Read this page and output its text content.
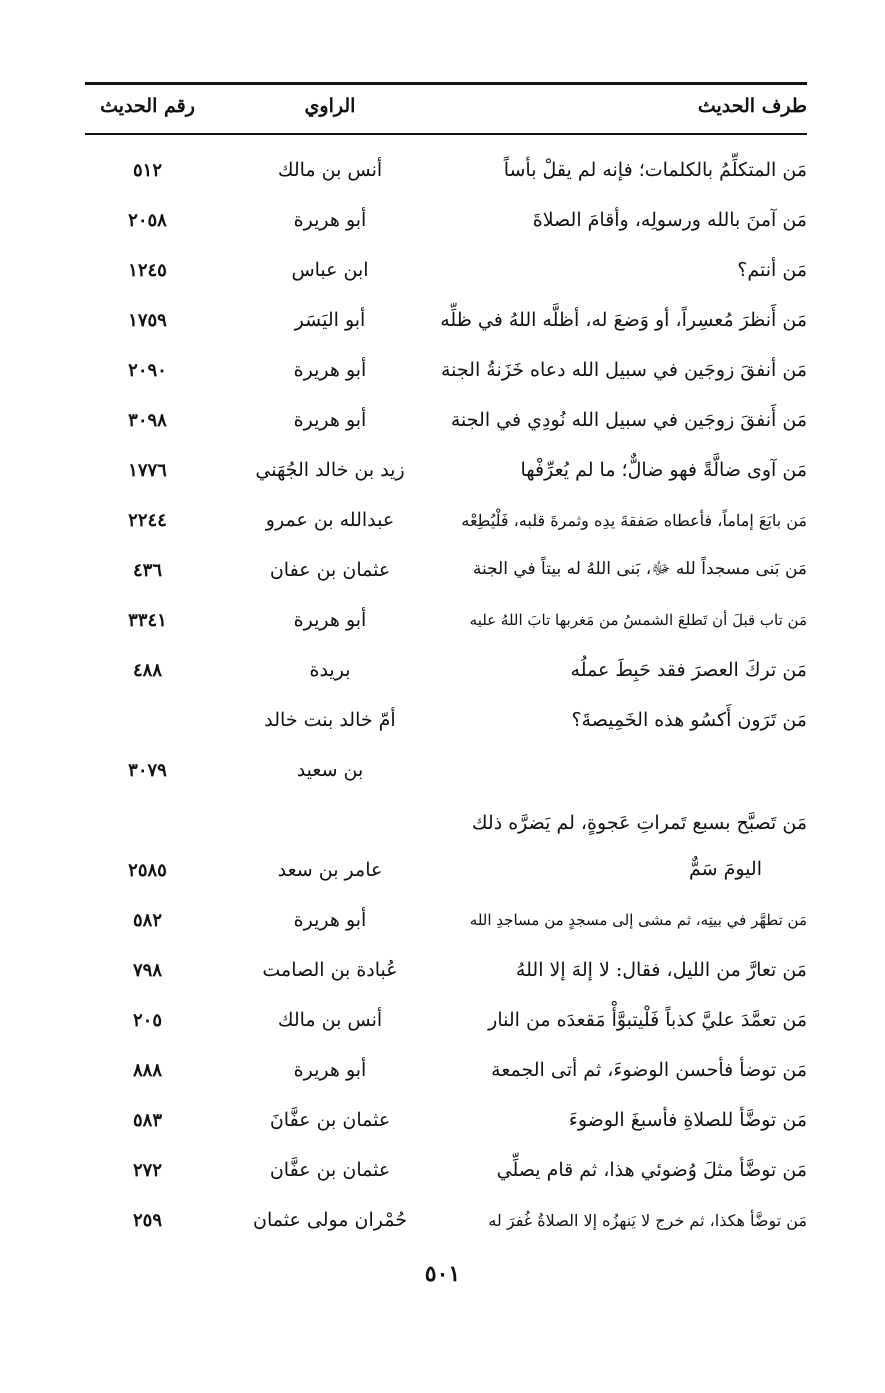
طرف الحديث
الراوي
رقم الحديث
مَن المتكلِّمُ بالكلمات؛ فإنه لم يقلْ بأساً
أنس بن مالك
٥١٢
مَن آمنَ بالله ورسولِه، وأقامَ الصلاةَ
أبو هريرة
٢٠٥٨
مَن أنتم؟
ابن عباس
١٢٤٥
مَن أَنظرَ مُعسِراً، أو وَضعَ له، أظلَّه اللهُ في ظلِّه
أبو اليَسَر
١٧٥٩
مَن أنفقَ زوجَين في سبيل الله دعاه خَزَنةُ الجنة
أبو هريرة
٢٠٩٠
مَن أَنفقَ زوجَين في سبيل الله نُودِي في الجنة
أبو هريرة
٣٠٩٨
مَن آوى ضالَّةً فهو ضالٌّ؛ ما لم يُعرِّفْها
زيد بن خالد الجُهَني
١٧٧٦
مَن بايَعَ إماماً، فأعطاه صَفقةَ يدِه وثمرةَ قلبه، فَلْيُطِعْه
عبدالله بن عمرو
٢٢٤٤
مَن بَنى مسجداً لله ﷻ، بَنى اللهُ له بيتاً في الجنة
عثمان بن عفان
٤٣٦
مَن تاب قبلَ أن تَطلعَ الشمسُ من مَغربها تابَ اللهُ عليه
أبو هريرة
٣٣٤١
مَن تركَ العصرَ فقد حَبِطَ عملُه
بريدة
٤٨٨
مَن تَرَون أَكسُو هذه الخَمِيصةَ؟
أمّ خالد بنت خالد
بن سعيد
٣٠٧٩
مَن تَصبَّح بسبع تَمراتِ عَجوةٍ، لم يَضرَّه ذلك
اليومَ سَمٌّ
عامر بن سعد
٢٥٨٥
مَن تطهَّر في بيتِه، ثم مشى إلى مسجدٍ من مساجدِ الله
أبو هريرة
٥٨٢
مَن تعارَّ من الليل، فقال: لا إلهَ إلا اللهُ
عُبادة بن الصامت
٧٩٨
مَن تعمَّدَ عليَّ كذباً فَلْيتبوَّأْ مَقعدَه من النار
أنس بن مالك
٢٠٥
مَن توضأ فأحسن الوضوءَ، ثم أتى الجمعة
أبو هريرة
٨٨٨
مَن توضَّأ للصلاةِ فأسبغَ الوضوءَ
عثمان بن عفَّانَ
٥٨٣
مَن توضَّأ مثلَ وُضوئي هذا، ثم قام يصلِّي
عثمان بن عفَّان
٢٧٢
مَن توضَّأ هكذا، ثم خرج لا يَنهزُه إلا الصلاةُ غُفرَ له
حُمْران مولى عثمان
٢٥٩
٥٠١
